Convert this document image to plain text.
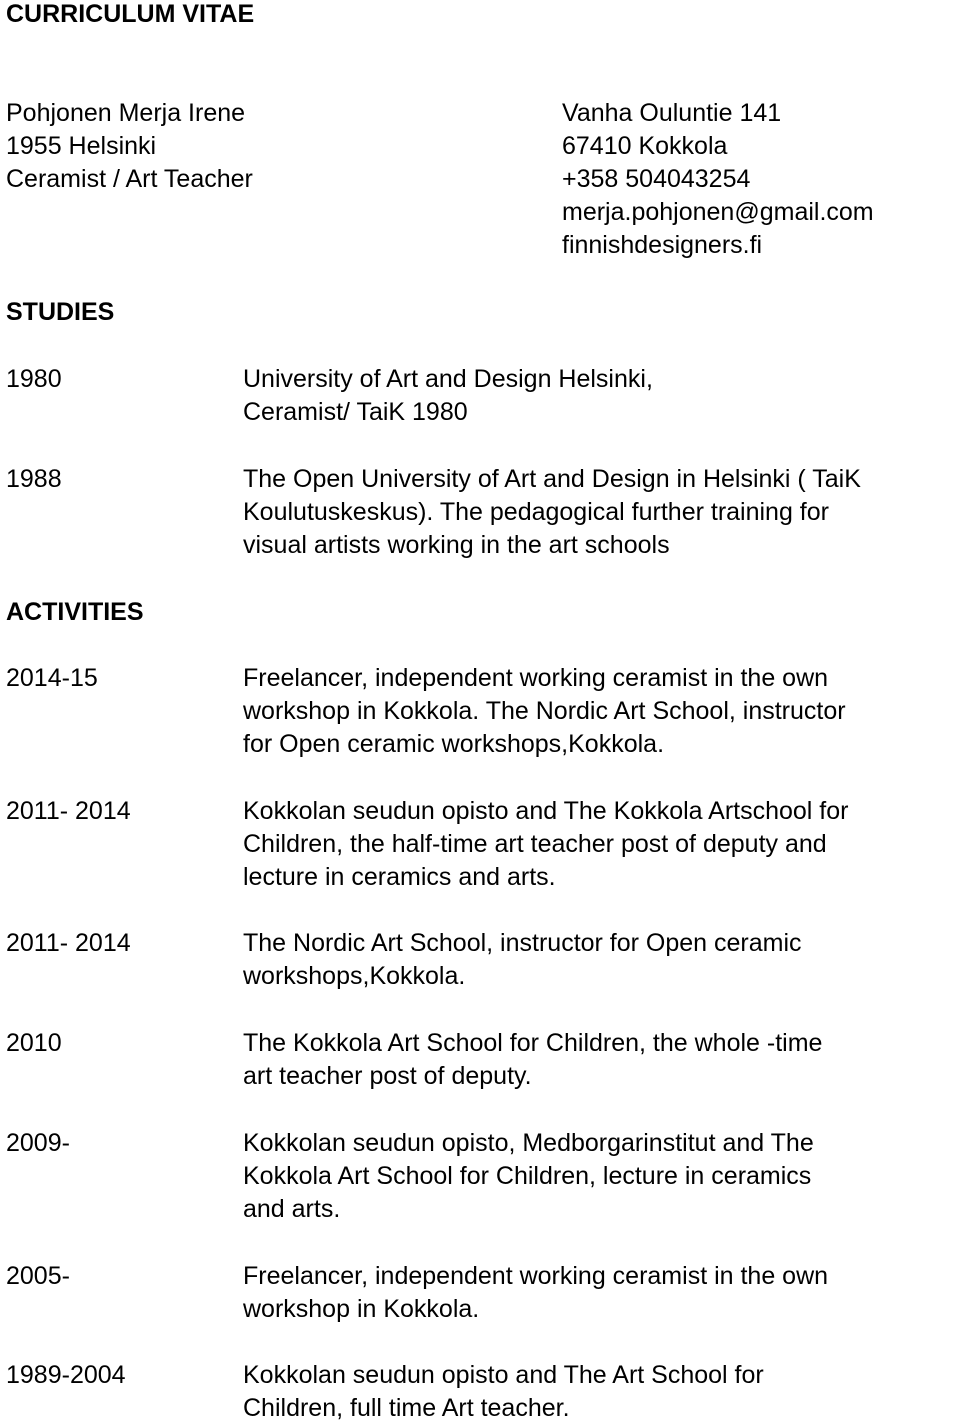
CURRICULUM VITAE
Pohjonen Merja Irene
1955 Helsinki
Ceramist / Art Teacher
Vanha Ouluntie 141
67410 Kokkola
+358 504043254
merja.pohjonen@gmail.com
finnishdesigners.fi
STUDIES
1980	University of Art and Design Helsinki,
Ceramist/ TaiK 1980
1988	The Open University of Art and Design in Helsinki ( TaiK
Koulutuskeskus). The pedagogical further training for
visual artists working in the art schools
ACTIVITIES
2014-15	Freelancer, independent working ceramist in the own
workshop in Kokkola. The Nordic Art School, instructor
for Open ceramic workshops,Kokkola.
2011- 2014	Kokkolan seudun opisto and The Kokkola Artschool for
Children, the half-time art teacher post of deputy and
lecture in ceramics and arts.
2011- 2014	The Nordic Art School, instructor for Open ceramic
workshops,Kokkola.
2010	The Kokkola Art School for Children, the whole -time
art teacher post of deputy.
2009-	Kokkolan seudun opisto, Medborgarinstitut and The
Kokkola Art School for Children, lecture in ceramics
and arts.
2005-	Freelancer, independent working ceramist in the own
workshop in Kokkola.
1989-2004	Kokkolan seudun opisto and The Art School for
Children, full time Art teacher.
